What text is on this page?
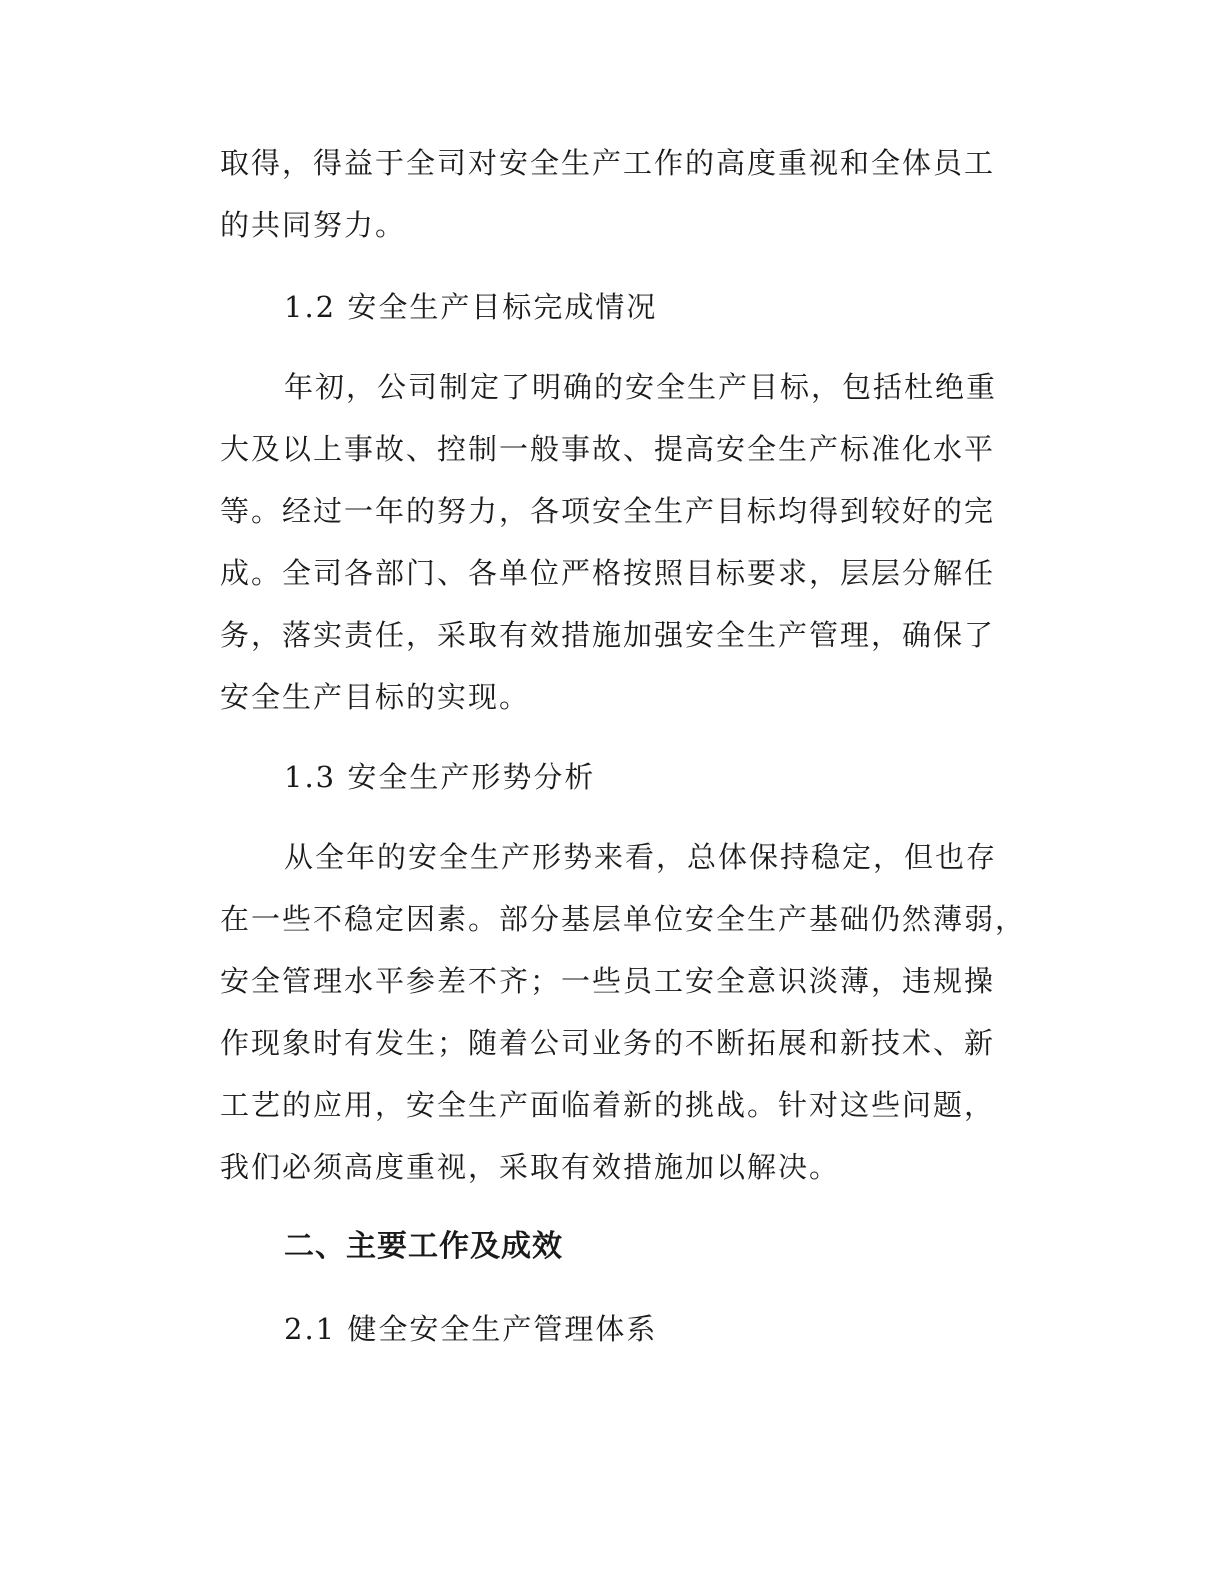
取得，得益于全司对安全生产工作的高度重视和全体员工
的共同努力。

1.2 安全生产目标完成情况

年初，公司制定了明确的安全生产目标，包括杜绝重
大及以上事故、控制一般事故、提高安全生产标准化水平
等。经过一年的努力，各项安全生产目标均得到较好的完
成。全司各部门、各单位严格按照目标要求，层层分解任
务，落实责任，采取有效措施加强安全生产管理，确保了
安全生产目标的实现。

1.3 安全生产形势分析

从全年的安全生产形势来看，总体保持稳定，但也存
在一些不稳定因素。部分基层单位安全生产基础仍然薄弱，
安全管理水平参差不齐；一些员工安全意识淡薄，违规操
作现象时有发生；随着公司业务的不断拓展和新技术、新
工艺的应用，安全生产面临着新的挑战。针对这些问题，
我们必须高度重视，采取有效措施加以解决。

二、主要工作及成效

2.1 健全安全生产管理体系
